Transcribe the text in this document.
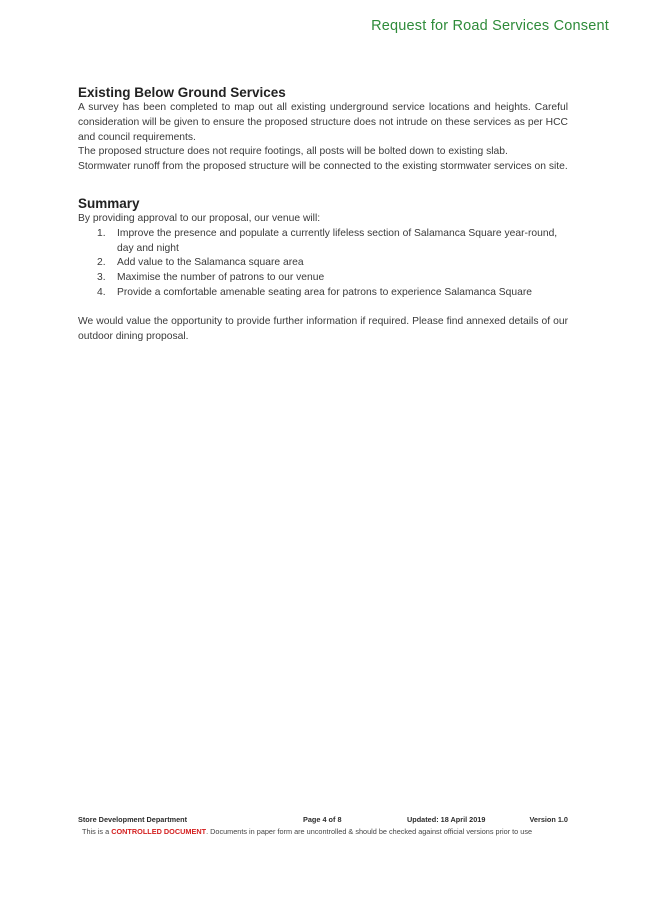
Request for Road Services Consent
Existing Below Ground Services

A survey has been completed to map out all existing underground service locations and heights. Careful consideration will be given to ensure the proposed structure does not intrude on these services as per HCC and council requirements.

The proposed structure does not require footings, all posts will be bolted down to existing slab.

Stormwater runoff from the proposed structure will be connected to the existing stormwater services on site.

Summary

By providing approval to our proposal, our venue will:

1. Improve the presence and populate a currently lifeless section of Salamanca Square year-round, day and night
2. Add value to the Salamanca square area
3. Maximise the number of patrons to our venue
4. Provide a comfortable amenable seating area for patrons to experience Salamanca Square

We would value the opportunity to provide further information if required. Please find annexed details of our outdoor dining proposal.

Store Development Department	Page 4 of 8	Updated: 18 April 2019	Version 1.0
This is a CONTROLLED DOCUMENT. Documents in paper form are uncontrolled & should be checked against official versions prior to use
